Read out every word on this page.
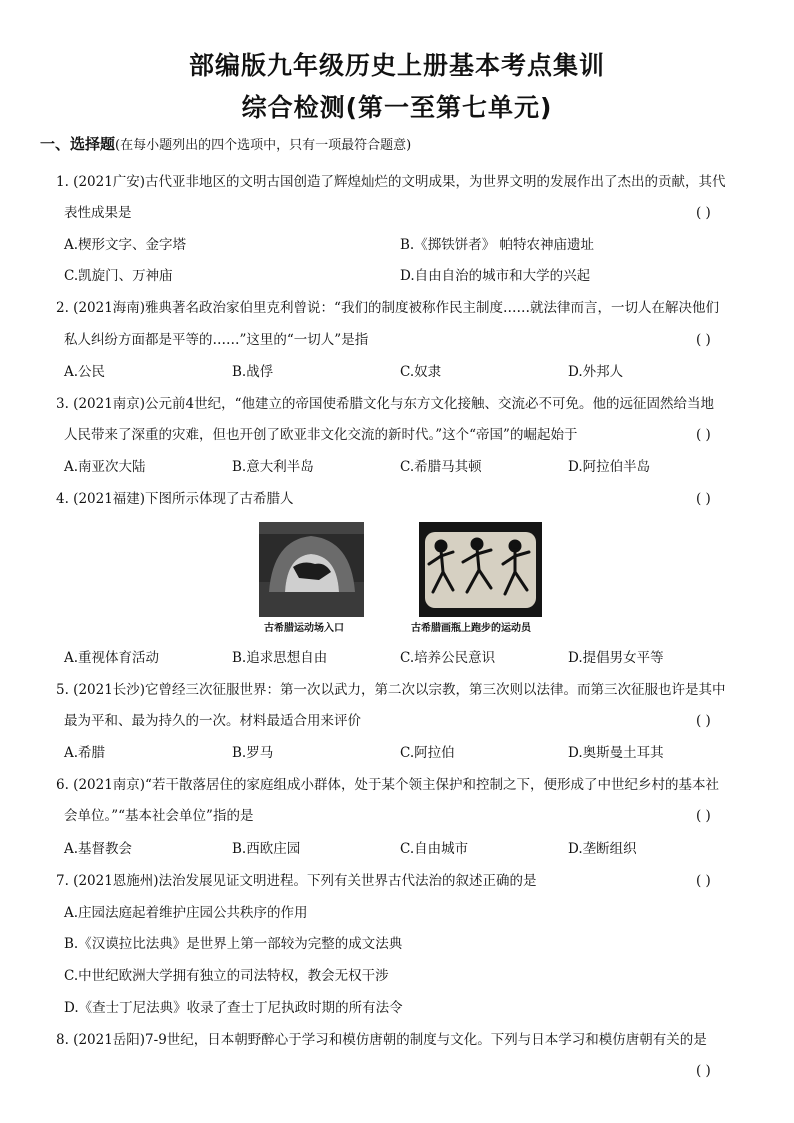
部编版九年级历史上册基本考点集训
综合检测(第一至第七单元)
一、选择题(在每小题列出的四个选项中，只有一项最符合题意)
1. (2021广安)古代亚非地区的文明古国创造了辉煌灿烂的文明成果，为世界文明的发展作出了杰出的贡献，其代
表性成果是	( )
A.楔形文字、金字塔	B.《掷铁饼者》 帕特农神庙遗址
C.凯旋门、万神庙	D.自由自治的城市和大学的兴起
2. (2021海南)雅典著名政治家伯里克利曾说：“我们的制度被称作民主制度……就法律而言，一切人在解决他们
私人纠纷方面都是平等的……”这里的“一切人”是指	( )
A.公民	B.战俘	C.奴隶	D.外邦人
3. (2021南京)公元前4世纪，“他建立的帝国使希腊文化与东方文化接触、交流必不可免。他的远征固然给当地
人民带来了深重的灾难，但也开创了欧亚非文化交流的新时代。”这个“帝国”的崛起始于	( )
A.南亚次大陆	B.意大利半岛	C.希腊马其顿	D.阿拉伯半岛
4. (2021福建)下图所示体现了古希腊人	( )
古希腊运动场入口	古希腊画瓶上跑步的运动员
A.重视体育活动	B.追求思想自由	C.培养公民意识	D.提倡男女平等
5. (2021长沙)它曾经三次征服世界：第一次以武力，第二次以宗教，第三次则以法律。而第三次征服也许是其中
最为平和、最为持久的一次。材料最适合用来评价	( )
A.希腊	B.罗马	C.阿拉伯	D.奥斯曼土耳其
6. (2021南京)“若干散落居住的家庭组成小群体，处于某个领主保护和控制之下，便形成了中世纪乡村的基本社
会单位。”“基本社会单位”指的是	( )
A.基督教会	B.西欧庄园	C.自由城市	D.垄断组织
7. (2021恩施州)法治发展见证文明进程。下列有关世界古代法治的叙述正确的是	( )
A.庄园法庭起着维护庄园公共秩序的作用
B.《汉谟拉比法典》是世界上第一部较为完整的成文法典
C.中世纪欧洲大学拥有独立的司法特权，教会无权干涉
D.《查士丁尼法典》收录了查士丁尼执政时期的所有法令
8. (2021岳阳)7-9世纪，日本朝野醉心于学习和模仿唐朝的制度与文化。下列与日本学习和模仿唐朝有关的是
( )
